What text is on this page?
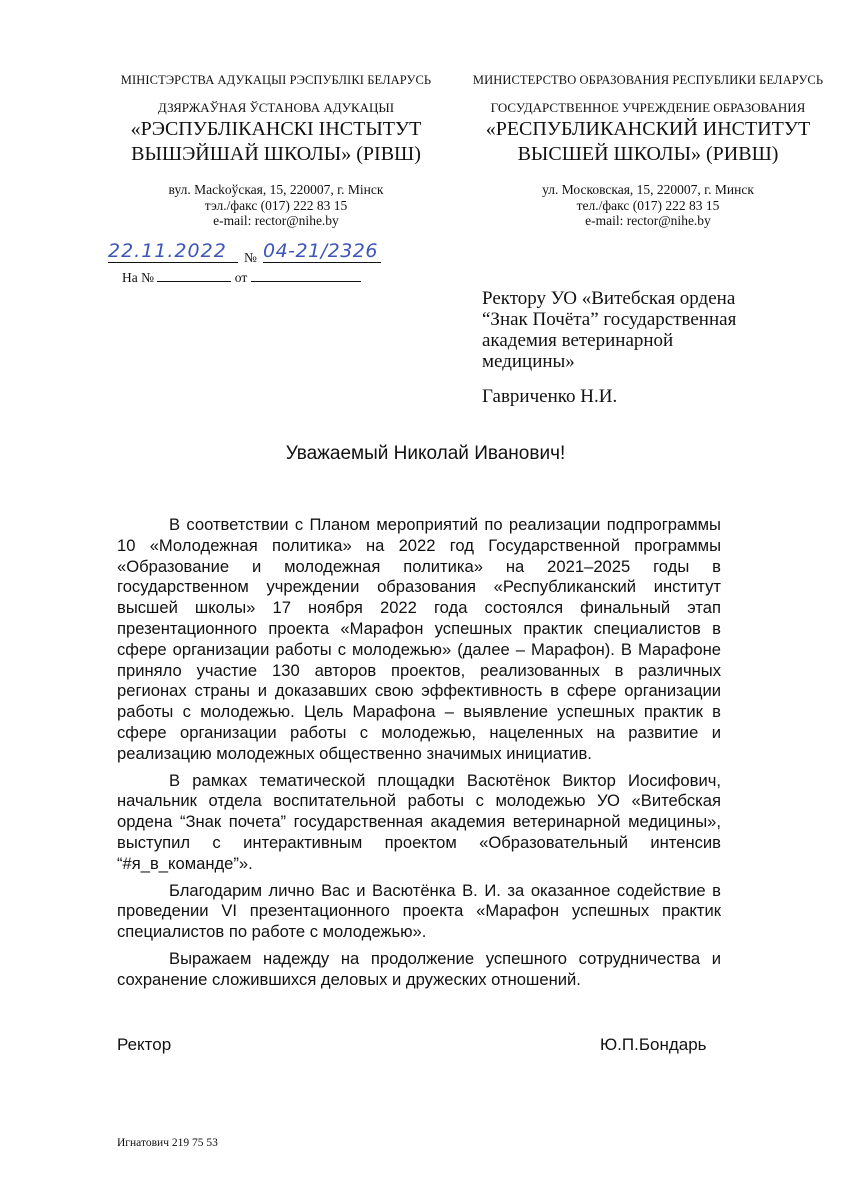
МІНІСТЭРСТВА АДУКАЦЫІ РЭСПУБЛІКІ БЕЛАРУСЬ
ДЗЯРЖАЎНАЯ ЎСТАНОВА АДУКАЦЫІ
«РЭСПУБЛІКАНСКІ ІНСТЫТУТ
ВЫШЭЙШАЙ ШКОЛЫ» (РІВШ)
вул. Масkоўская, 15, 220007, г. Мінск
тэл./факс (017) 222 83 15
e-mail: rector@nihe.by
МИНИСТЕРСТВО ОБРАЗОВАНИЯ РЕСПУБЛИКИ БЕЛАРУСЬ
ГОСУДАРСТВЕННОЕ УЧРЕЖДЕНИЕ ОБРАЗОВАНИЯ
«РЕСПУБЛИКАНСКИЙ ИНСТИТУТ
ВЫСШЕЙ ШКОЛЫ» (РИВШ)
ул. Московская, 15, 220007, г. Минск
тел./факс (017) 222 83 15
e-mail: rector@nihe.by
22.11.2022	№ 04-21/2326
На №	от
Ректору УО «Витебская ордена
“Знак Почёта” государственная
академия ветеринарной
медицины»
Гавриченко Н.И.
Уважаемый Николай Иванович!

В соответствии с Планом мероприятий по реализации подпрограммы 10 «Молодежная политика» на 2022 год Государственной программы «Образование и молодежная политика» на 2021–2025 годы в государственном учреждении образования «Республиканский институт высшей школы» 17 ноября 2022 года состоялся финальный этап презентационного проекта «Марафон успешных практик специалистов в сфере организации работы с молодежью» (далее – Марафон). В Марафоне приняло участие 130 авторов проектов, реализованных в различных регионах страны и доказавших свою эффективность в сфере организации работы с молодежью. Цель Марафона – выявление успешных практик в сфере организации работы с молодежью, нацеленных на развитие и реализацию молодежных общественно значимых инициатив.

В рамках тематической площадки Васютёнок Виктор Иосифович, начальник отдела воспитательной работы с молодежью УО «Витебская ордена “Знак почета” государственная академия ветеринарной медицины», выступил с интерактивным проектом «Образовательный интенсив “#я_в_команде”».

Благодарим лично Вас и Васютёнка В. И. за оказанное содействие в проведении VI презентационного проекта «Марафон успешных практик специалистов по работе с молодежью».

Выражаем надежду на продолжение успешного сотрудничества и сохранение сложившихся деловых и дружеских отношений.

Ректор	Ю.П.Бондарь
Игнатович 219 75 53
